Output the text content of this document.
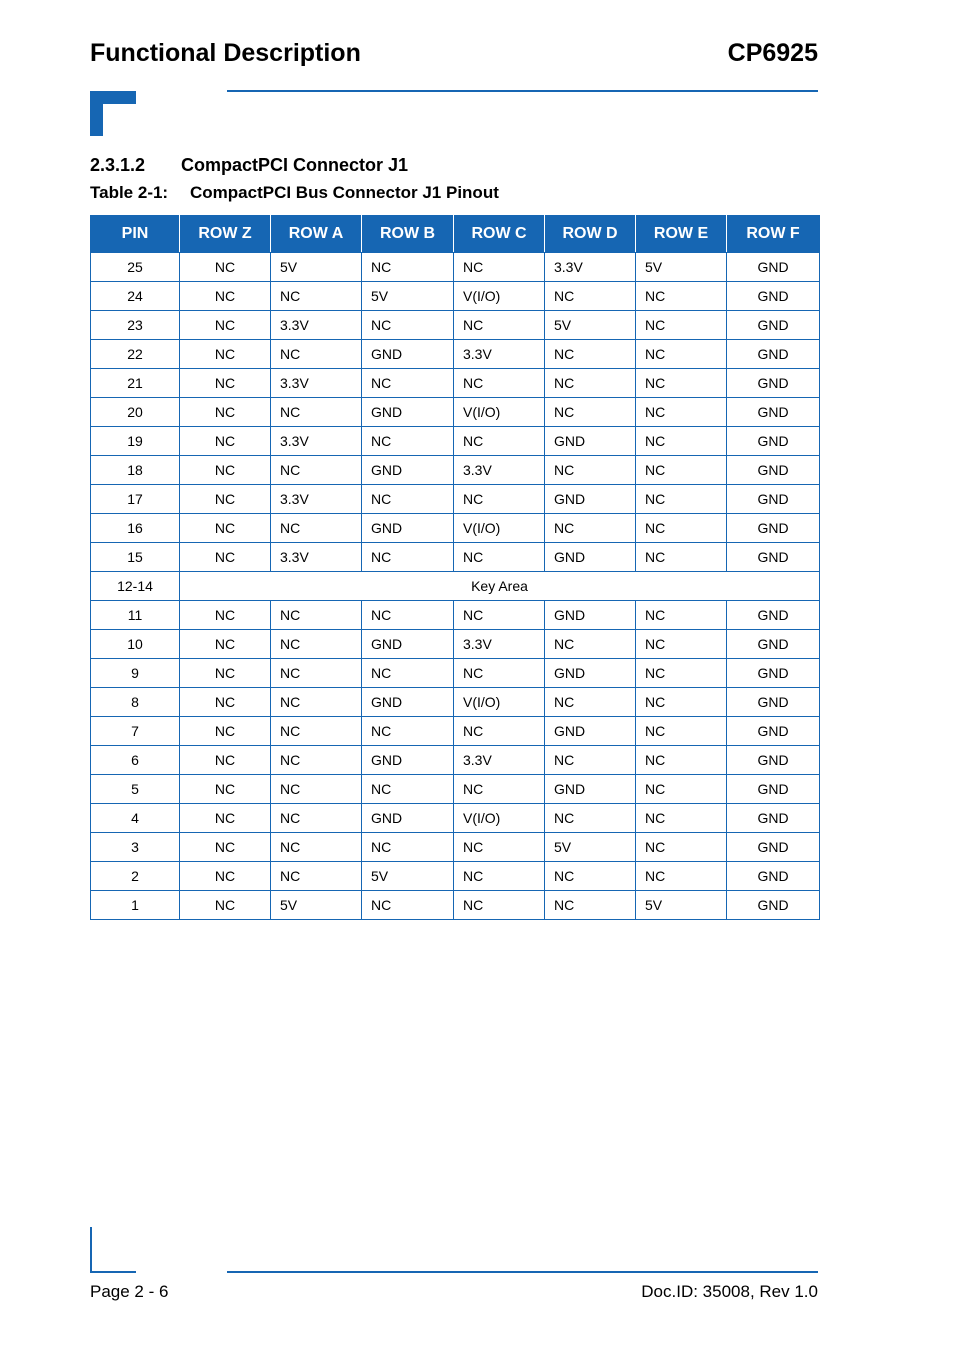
Functional Description	CP6925
2.3.1.2 CompactPCI Connector J1
Table 2-1: CompactPCI Bus Connector J1 Pinout
PIN	ROW Z	ROW A	ROW B	ROW C	ROW D	ROW E	ROW F
25	NC	5V	NC	NC	3.3V	5V	GND
24	NC	NC	5V	V(I/O)	NC	NC	GND
23	NC	3.3V	NC	NC	5V	NC	GND
22	NC	NC	GND	3.3V	NC	NC	GND
21	NC	3.3V	NC	NC	NC	NC	GND
20	NC	NC	GND	V(I/O)	NC	NC	GND
19	NC	3.3V	NC	NC	GND	NC	GND
18	NC	NC	GND	3.3V	NC	NC	GND
17	NC	3.3V	NC	NC	GND	NC	GND
16	NC	NC	GND	V(I/O)	NC	NC	GND
15	NC	3.3V	NC	NC	GND	NC	GND
12-14	Key Area						
11	NC	NC	NC	NC	GND	NC	GND
10	NC	NC	GND	3.3V	NC	NC	GND
9	NC	NC	NC	NC	GND	NC	GND
8	NC	NC	GND	V(I/O)	NC	NC	GND
7	NC	NC	NC	NC	GND	NC	GND
6	NC	NC	GND	3.3V	NC	NC	GND
5	NC	NC	NC	NC	GND	NC	GND
4	NC	NC	GND	V(I/O)	NC	NC	GND
3	NC	NC	NC	NC	5V	NC	GND
2	NC	NC	5V	NC	NC	NC	GND
1	NC	5V	NC	NC	NC	5V	GND
Page 2 - 6	Doc.ID: 35008, Rev 1.0
